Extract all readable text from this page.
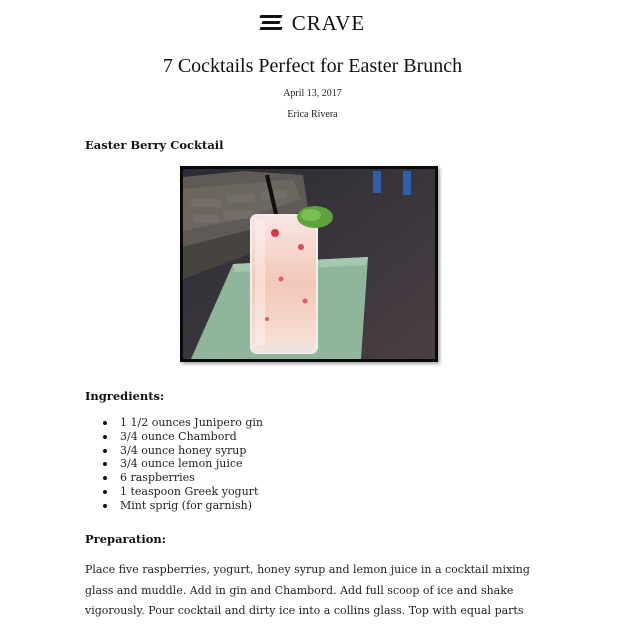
CRAVE
7 Cocktails Perfect for Easter Brunch
April 13, 2017
Erica Rivera
Easter Berry Cocktail
Ingredients:
1 1/2 ounces Junipero gin
3/4 ounce Chambord
3/4 ounce honey syrup
3/4 ounce lemon juice
6 raspberries
1 teaspoon Greek yogurt
Mint sprig (for garnish)
Preparation:

Place five raspberries, yogurt, honey syrup and lemon juice in a cocktail mixing glass and muddle. Add in gin and Chambord. Add full scoop of ice and shake vigorously. Pour cocktail and dirty ice into a collins glass. Top with equal parts
